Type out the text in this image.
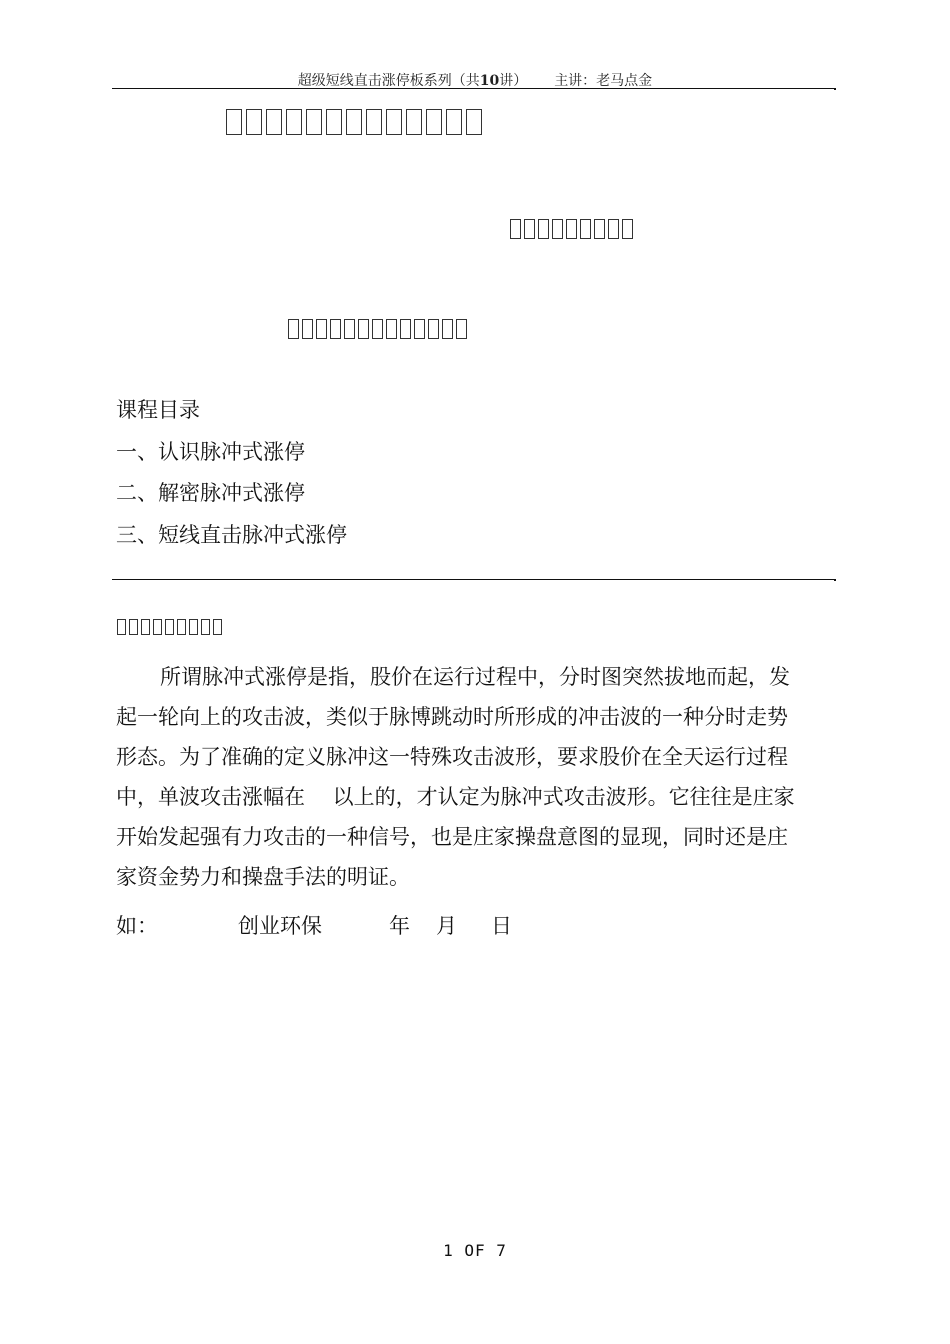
超级短线直击涨停板系列（共10讲） 主讲：老马点金
课程目录
一、认识脉冲式涨停
二、解密脉冲式涨停
三、短线直击脉冲式涨停
所谓脉冲式涨停是指，股价在运行过程中，分时图突然拔地而起，发
起一轮向上的攻击波，类似于脉博跳动时所形成的冲击波的一种分时走势
形态。为了准确的定义脉冲这一特殊攻击波形，要求股价在全天运行过程
中，单波攻击涨幅在　 以上的，才认定为脉冲式攻击波形。它往往是庄家
开始发起强有力攻击的一种信号，也是庄家操盘意图的显现，同时还是庄
家资金势力和操盘手法的明证。
如：	创业环保	年 月 日
1 OF 7
